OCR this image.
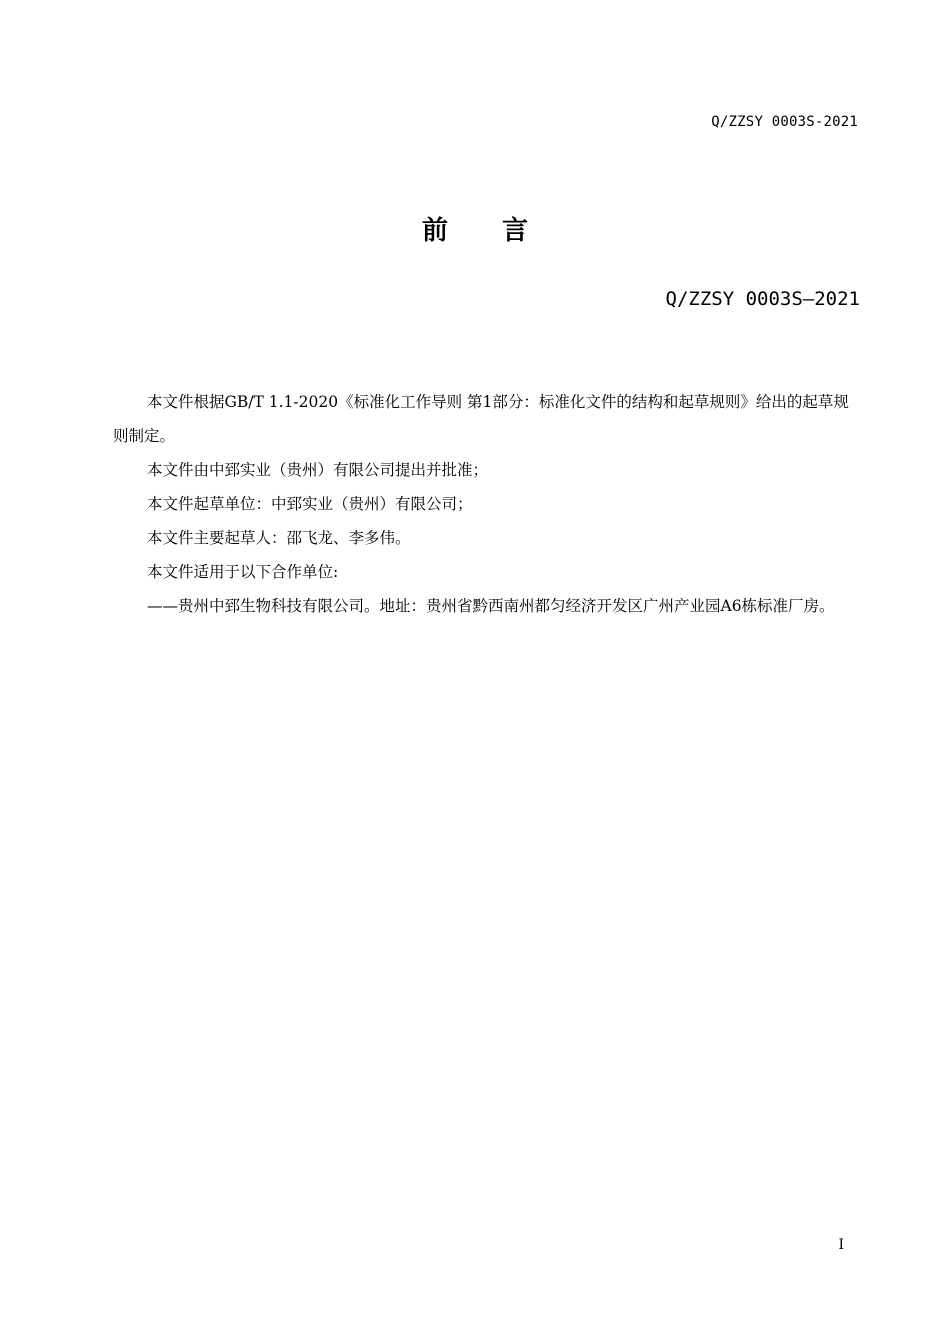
Q/ZZSY 0003S-2021
前 言
Q/ZZSY 0003S—2021

本文件根据GB/T 1.1-2020《标准化工作导则 第1部分：标准化文件的结构和起草规则》给出的起草规则制定。

本文件由中郅实业（贵州）有限公司提出并批准；

本文件起草单位：中郅实业（贵州）有限公司；

本文件主要起草人：邵飞龙、李多伟。

本文件适用于以下合作单位:

——贵州中郅生物科技有限公司。地址：贵州省黔西南州都匀经济开发区广州产业园A6栋标准厂房。

I
